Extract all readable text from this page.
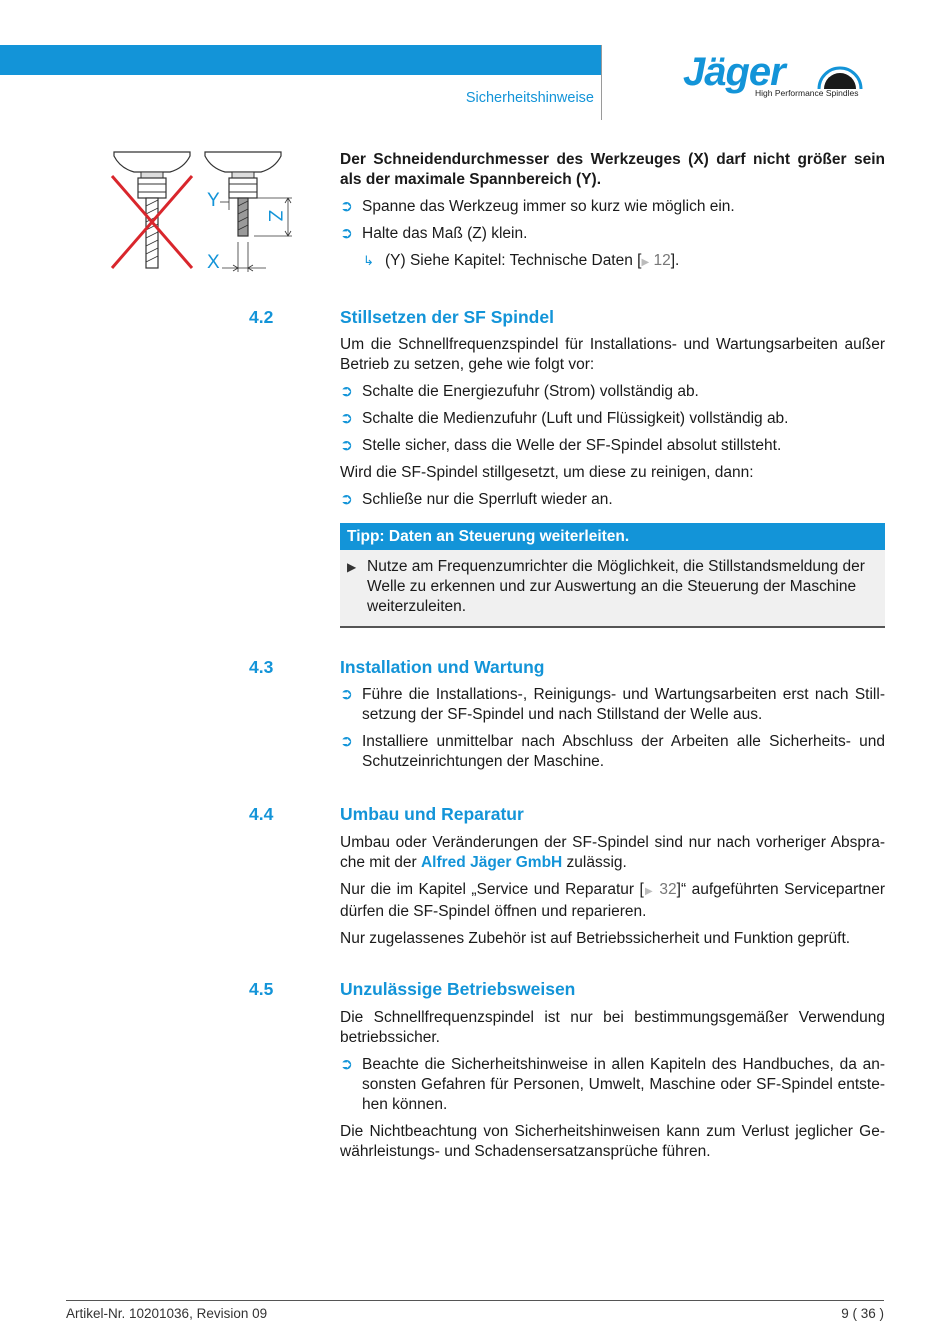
Sicherheitshinweise
Jäger
High Performance Spindles
Y
X
Z

Der Schneidendurchmesser des Werkzeuges (X) darf nicht größer sein als der maximale Spannbereich (Y).

➲ Spanne das Werkzeug immer so kurz wie möglich ein.
➲ Halte das Maß (Z) klein.
↳ (Y) Siehe Kapitel: Technische Daten [▶ 12].
4.2	Stillsetzen der SF Spindel

Um die Schnellfrequenzspindel für Installations- und Wartungsarbeiten außer Betrieb zu setzen, gehe wie folgt vor:

➲ Schalte die Energiezufuhr (Strom) vollständig ab.
➲ Schalte die Medienzufuhr (Luft und Flüssigkeit) vollständig ab.
➲ Stelle sicher, dass die Welle der SF-Spindel absolut stillsteht.

Wird die SF-Spindel stillgesetzt, um diese zu reinigen, dann:

➲ Schließe nur die Sperrluft wieder an.
Tipp: Daten an Steuerung weiterleiten.
▶ Nutze am Frequenzumrichter die Möglichkeit, die Stillstandsmeldung der Welle zu erkennen und zur Auswertung an die Steuerung der Maschine weiterzuleiten.
4.3	Installation und Wartung
➲ Führe die Installations-, Reinigungs- und Wartungsarbeiten erst nach Stillsetzung der SF-Spindel und nach Stillstand der Welle aus.
➲ Installiere unmittelbar nach Abschluss der Arbeiten alle Sicherheits- und Schutzeinrichtungen der Maschine.
4.4	Umbau und Reparatur

Umbau oder Veränderungen der SF-Spindel sind nur nach vorheriger Absprache mit der Alfred Jäger GmbH zulässig.

Nur die im Kapitel „Service und Reparatur [▶ 32]“ aufgeführten Servicepartner dürfen die SF-Spindel öffnen und reparieren.

Nur zugelassenes Zubehör ist auf Betriebssicherheit und Funktion geprüft.

4.5	Unzulässige Betriebsweisen

Die Schnellfrequenzspindel ist nur bei bestimmungsgemäßer Verwendung betriebssicher.

➲ Beachte die Sicherheitshinweise in allen Kapiteln des Handbuches, da ansonsten Gefahren für Personen, Umwelt, Maschine oder SF-Spindel entstehen können.

Die Nichtbeachtung von Sicherheitshinweisen kann zum Verlust jeglicher Gewährleistungs- und Schadensersatzansprüche führen.

Artikel-Nr. 10201036, Revision 09	9 ( 36 )
